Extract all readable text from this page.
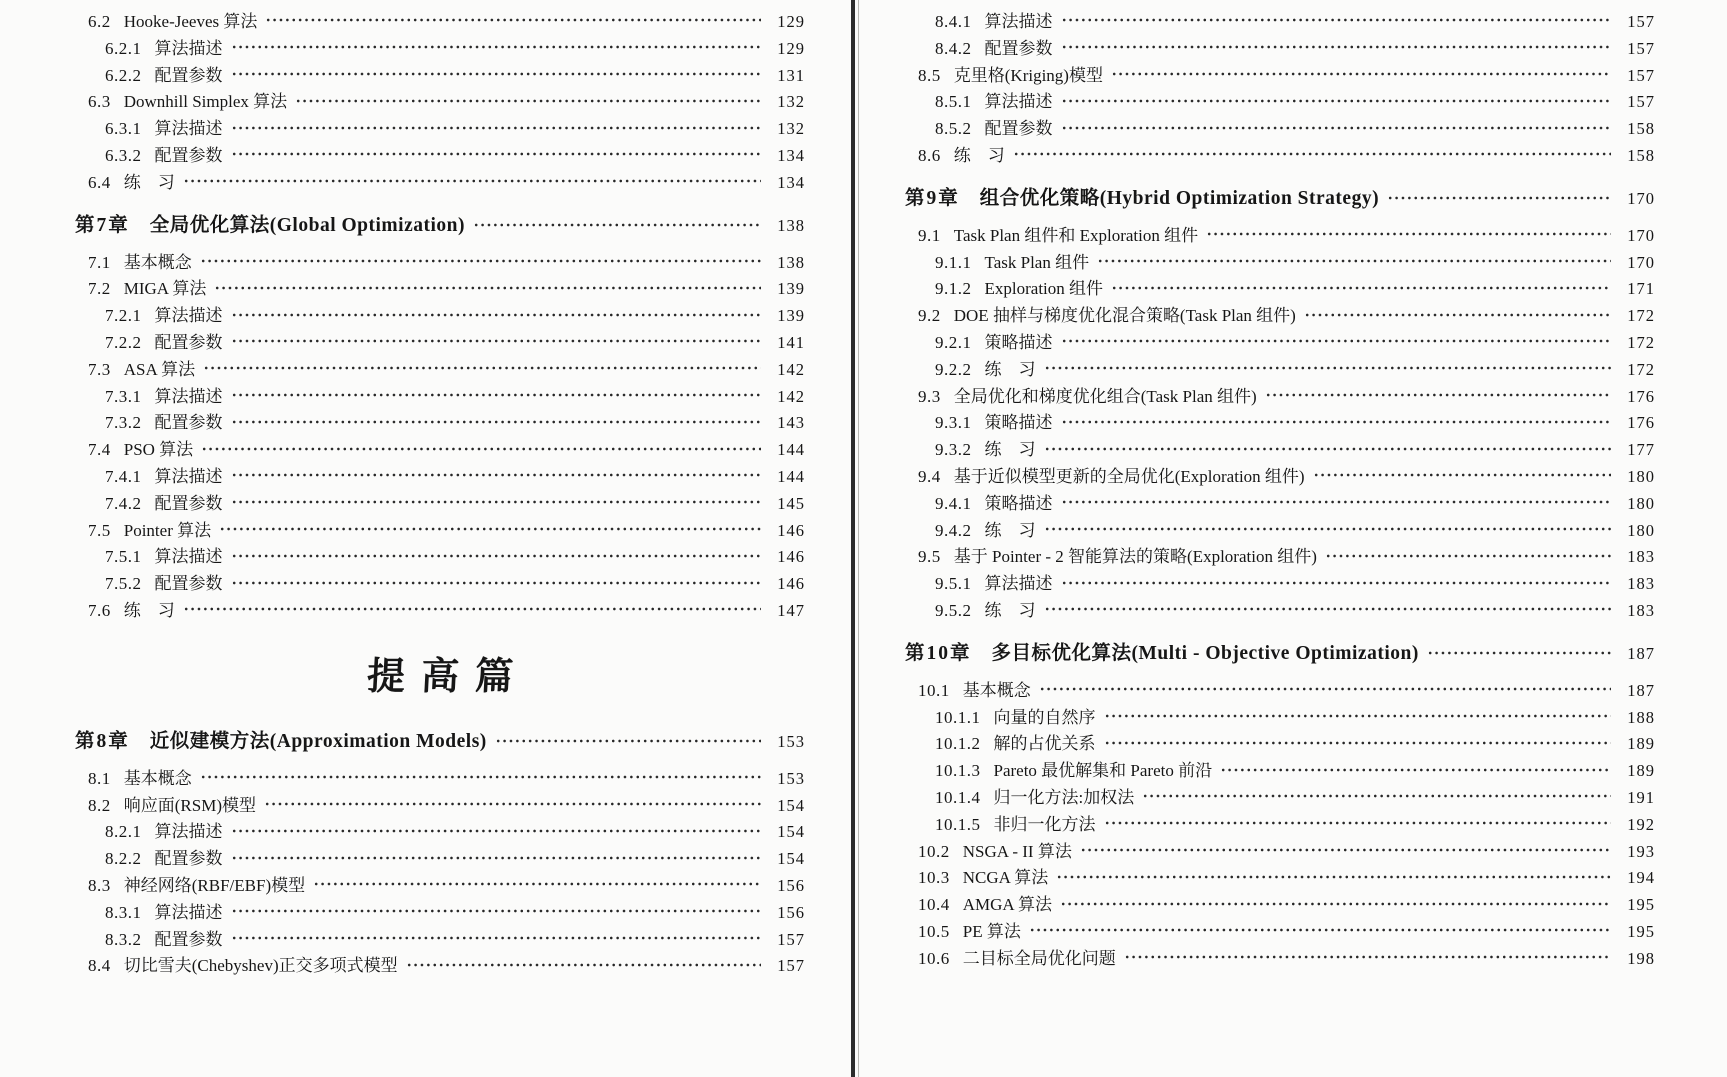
6.2 Hooke-Jeeves 算法	129
6.2.1 算法描述	129
6.2.2 配置参数	131
6.3 Downhill Simplex 算法	132
6.3.1 算法描述	132
6.3.2 配置参数	134
6.4 练　习	134
第7章 全局优化算法(Global Optimization)	138
7.1 基本概念	138
7.2 MIGA 算法	139
7.2.1 算法描述	139
7.2.2 配置参数	141
7.3 ASA 算法	142
7.3.1 算法描述	142
7.3.2 配置参数	143
7.4 PSO 算法	144
7.4.1 算法描述	144
7.4.2 配置参数	145
7.5 Pointer 算法	146
7.5.1 算法描述	146
7.5.2 配置参数	146
7.6 练　习	147
提高篇
第8章 近似建模方法(Approximation Models)	153
8.1 基本概念	153
8.2 响应面(RSM)模型	154
8.2.1 算法描述	154
8.2.2 配置参数	154
8.3 神经网络(RBF/EBF)模型	156
8.3.1 算法描述	156
8.3.2 配置参数	157
8.4 切比雪夫(Chebyshev)正交多项式模型	157
8.4.1 算法描述	157
8.4.2 配置参数	157
8.5 克里格(Kriging)模型	157
8.5.1 算法描述	157
8.5.2 配置参数	158
8.6 练　习	158
第9章 组合优化策略(Hybrid Optimization Strategy)	170
9.1 Task Plan 组件和 Exploration 组件	170
9.1.1 Task Plan 组件	170
9.1.2 Exploration 组件	171
9.2 DOE 抽样与梯度优化混合策略(Task Plan 组件)	172
9.2.1 策略描述	172
9.2.2 练　习	172
9.3 全局优化和梯度优化组合(Task Plan 组件)	176
9.3.1 策略描述	176
9.3.2 练　习	177
9.4 基于近似模型更新的全局优化(Exploration 组件)	180
9.4.1 策略描述	180
9.4.2 练　习	180
9.5 基于 Pointer - 2 智能算法的策略(Exploration 组件)	183
9.5.1 算法描述	183
9.5.2 练　习	183
第10章 多目标优化算法(Multi - Objective Optimization)	187
10.1 基本概念	187
10.1.1 向量的自然序	188
10.1.2 解的占优关系	189
10.1.3 Pareto 最优解集和 Pareto 前沿	189
10.1.4 归一化方法:加权法	191
10.1.5 非归一化方法	192
10.2 NSGA - II 算法	193
10.3 NCGA 算法	194
10.4 AMGA 算法	195
10.5 PE 算法	195
10.6 二目标全局优化问题	198
